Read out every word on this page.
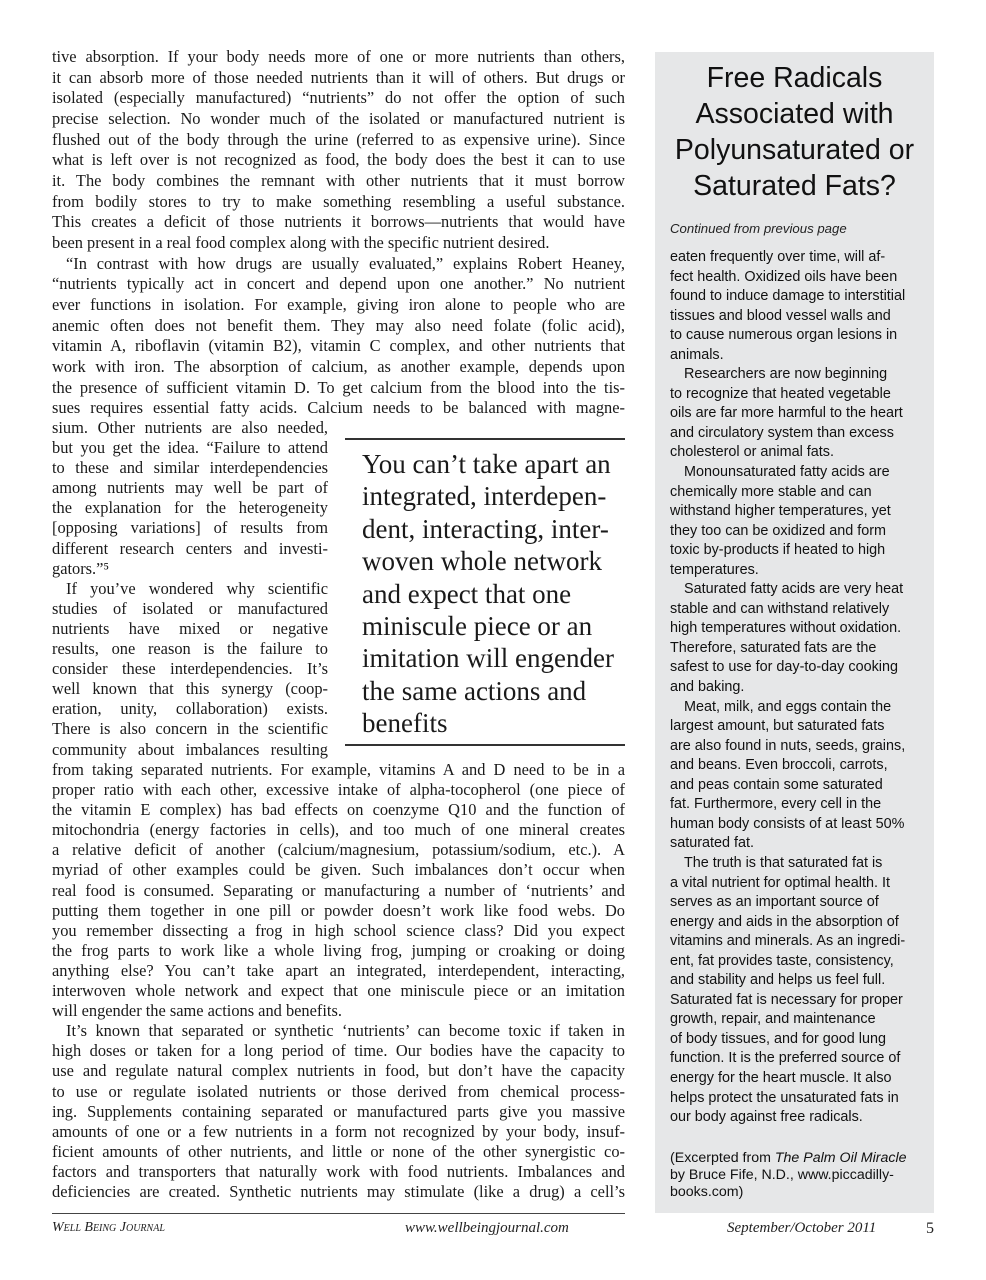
tive absorption. If your body needs more of one or more nutrients than others,
it can absorb more of those needed nutrients than it will of others. But drugs or
isolated (especially manufactured) “nutrients” do not offer the option of such
precise selection. No wonder much of the isolated or manufactured nutrient is
flushed out of the body through the urine (referred to as expensive urine). Since
what is left over is not recognized as food, the body does the best it can to use
it. The body combines the remnant with other nutrients that it must borrow
from bodily stores to try to make something resembling a useful substance.
This creates a deficit of those nutrients it borrows—nutrients that would have
been present in a real food complex along with the specific nutrient desired.
“In contrast with how drugs are usually evaluated,” explains Robert Heaney,
“nutrients typically act in concert and depend upon one another.” No nutrient
ever functions in isolation. For example, giving iron alone to people who are
anemic often does not benefit them. They may also need folate (folic acid),
vitamin A, riboflavin (vitamin B2), vitamin C complex, and other nutrients that
work with iron. The absorption of calcium, as another example, depends upon
the presence of sufficient vitamin D. To get calcium from the blood into the tis-
sues requires essential fatty acids. Calcium needs to be balanced with magne-
sium. Other nutrients are also needed,
but you get the idea. “Failure to attend
to these and similar interdependencies
among nutrients may well be part of
the explanation for the heterogeneity
[opposing variations] of results from
different research centers and investi-
gators.”⁵
If you’ve wondered why scientific
studies of isolated or manufactured
nutrients have mixed or negative
results, one reason is the failure to
consider these interdependencies. It’s
well known that this synergy (coop-
eration, unity, collaboration) exists.
There is also concern in the scientific
community about imbalances resulting
from taking separated nutrients. For example, vitamins A and D need to be in a
proper ratio with each other, excessive intake of alpha-tocopherol (one piece of
the vitamin E complex) has bad effects on coenzyme Q10 and the function of
mitochondria (energy factories in cells), and too much of one mineral creates
a relative deficit of another (calcium/magnesium, potassium/sodium, etc.). A
myriad of other examples could be given. Such imbalances don’t occur when
real food is consumed. Separating or manufacturing a number of ‘nutrients’ and
putting them together in one pill or powder doesn’t work like food webs. Do
you remember dissecting a frog in high school science class? Did you expect
the frog parts to work like a whole living frog, jumping or croaking or doing
anything else? You can’t take apart an integrated, interdependent, interacting,
interwoven whole network and expect that one miniscule piece or an imitation
will engender the same actions and benefits.
It’s known that separated or synthetic ‘nutrients’ can become toxic if taken in
high doses or taken for a long period of time. Our bodies have the capacity to
use and regulate natural complex nutrients in food, but don’t have the capacity
to use or regulate isolated nutrients or those derived from chemical process-
ing. Supplements containing separated or manufactured parts give you massive
amounts of one or a few nutrients in a form not recognized by your body, insuf-
ficient amounts of other nutrients, and little or none of the other synergistic co-
factors and transporters that naturally work with food nutrients. Imbalances and
deficiencies are created. Synthetic nutrients may stimulate (like a drug) a cell’s
You can’t take apart an
integrated, interdepen-
dent, interacting, inter-
woven whole network
and expect that one
miniscule piece or an
imitation will engender
the same actions and
benefits
Free Radicals
Associated with
Polyunsaturated or
Saturated Fats?
Continued from previous page
eaten frequently over time, will af-
fect health. Oxidized oils have been
found to induce damage to interstitial
tissues and blood vessel walls and
to cause numerous organ lesions in
animals.
Researchers are now beginning
to recognize that heated vegetable
oils are far more harmful to the heart
and circulatory system than excess
cholesterol or animal fats.
Monounsaturated fatty acids are
chemically more stable and can
withstand higher temperatures, yet
they too can be oxidized and form
toxic by-products if heated to high
temperatures.
Saturated fatty acids are very heat
stable and can withstand relatively
high temperatures without oxidation.
Therefore, saturated fats are the
safest to use for day-to-day cooking
and baking.
Meat, milk, and eggs contain the
largest amount, but saturated fats
are also found in nuts, seeds, grains,
and beans. Even broccoli, carrots,
and peas contain some saturated
fat. Furthermore, every cell in the
human body consists of at least 50%
saturated fat.
The truth is that saturated fat is
a vital nutrient for optimal health. It
serves as an important source of
energy and aids in the absorption of
vitamins and minerals. As an ingredi-
ent, fat provides taste, consistency,
and stability and helps us feel full.
Saturated fat is necessary for proper
growth, repair, and maintenance
of body tissues, and for good lung
function. It is the preferred source of
energy for the heart muscle. It also
helps protect the unsaturated fats in
our body against free radicals.
(Excerpted from The Palm Oil Miracle
by Bruce Fife, N.D., www.piccadilly-
books.com)
Well Being Journal	www.wellbeingjournal.com	September/October 2011	5
